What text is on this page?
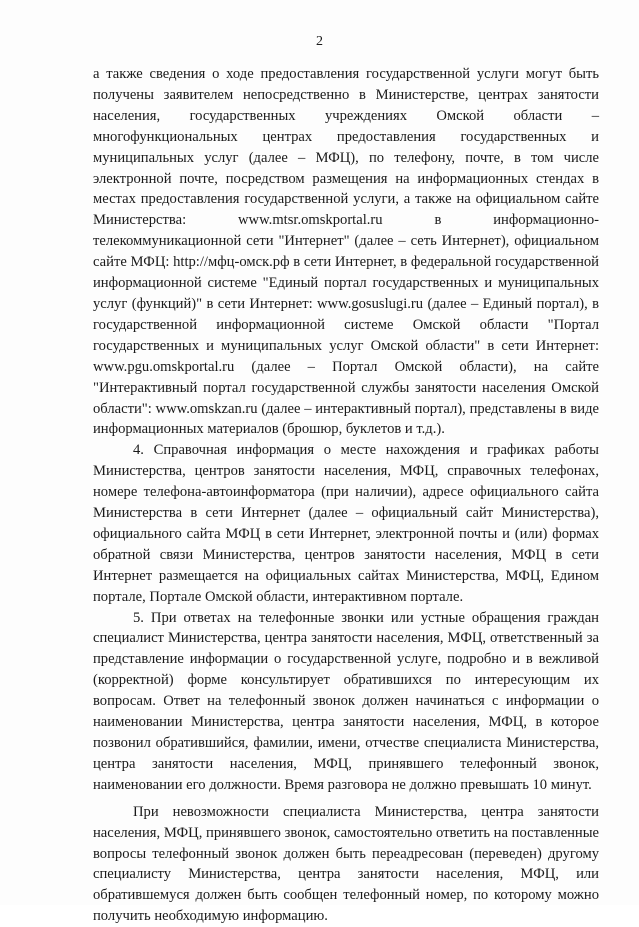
2

а также сведения о ходе предоставления государственной услуги могут быть получены заявителем непосредственно в Министерстве, центрах занятости населения, государственных учреждениях Омской области – многофункциональных центрах предоставления государственных и муниципальных услуг (далее – МФЦ), по телефону, почте, в том числе электронной почте, посредством размещения на информационных стендах в местах предоставления государственной услуги, а также на официальном сайте Министерства: www.mtsr.omskportal.ru в информационно-телекоммуникационной сети "Интернет" (далее – сеть Интернет), официальном сайте МФЦ: http://мфц-омск.рф в сети Интернет, в федеральной государственной информационной системе "Единый портал государственных и муниципальных услуг (функций)" в сети Интернет: www.gosuslugi.ru (далее – Единый портал), в государственной информационной системе Омской области "Портал государственных и муниципальных услуг Омской области" в сети Интернет: www.pgu.omskportal.ru (далее – Портал Омской области), на сайте "Интерактивный портал государственной службы занятости населения Омской области": www.omskzan.ru (далее – интерактивный портал), представлены в виде информационных материалов (брошюр, буклетов и т.д.).

4. Справочная информация о месте нахождения и графиках работы Министерства, центров занятости населения, МФЦ, справочных телефонах, номере телефона-автоинформатора (при наличии), адресе официального сайта Министерства в сети Интернет (далее – официальный сайт Министерства), официального сайта МФЦ в сети Интернет, электронной почты и (или) формах обратной связи Министерства, центров занятости населения, МФЦ в сети Интернет размещается на официальных сайтах Министерства, МФЦ, Едином портале, Портале Омской области, интерактивном портале.

5. При ответах на телефонные звонки или устные обращения граждан специалист Министерства, центра занятости населения, МФЦ, ответственный за представление информации о государственной услуге, подробно и в вежливой (корректной) форме консультирует обратившихся по интересующим их вопросам. Ответ на телефонный звонок должен начинаться с информации о наименовании Министерства, центра занятости населения, МФЦ, в которое позвонил обратившийся, фамилии, имени, отчестве специалиста Министерства, центра занятости населения, МФЦ, принявшего телефонный звонок, наименовании его должности. Время разговора не должно превышать 10 минут.

При невозможности специалиста Министерства, центра занятости населения, МФЦ, принявшего звонок, самостоятельно ответить на поставленные вопросы телефонный звонок должен быть переадресован (переведен) другому специалисту Министерства, центра занятости населения, МФЦ, или обратившемуся должен быть сообщен телефонный номер, по которому можно получить необходимую информацию.
